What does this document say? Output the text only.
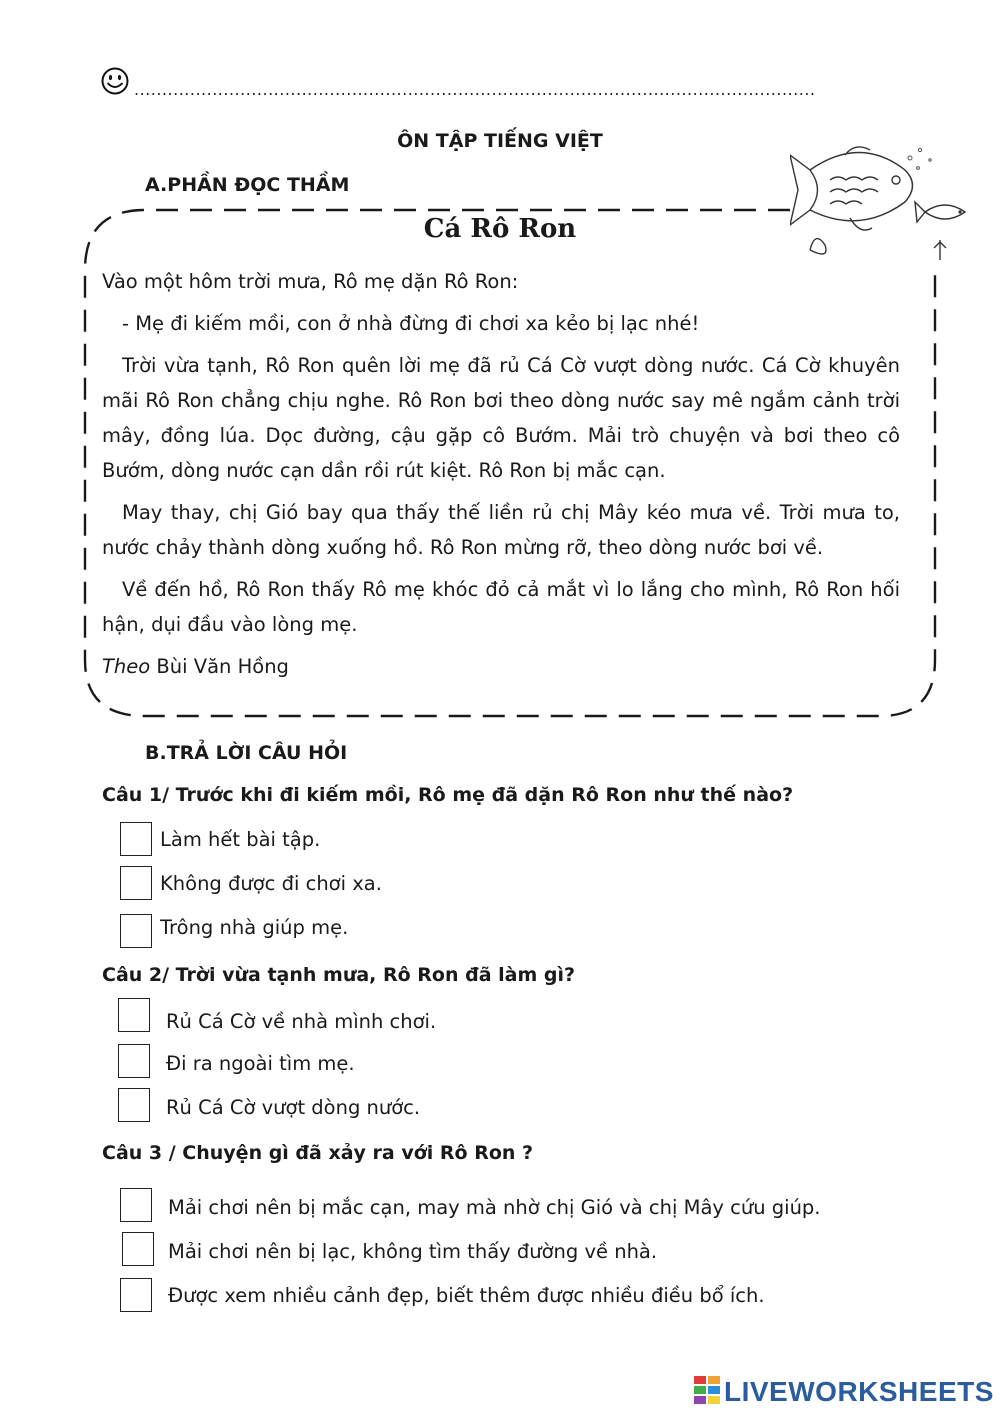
..........................................................................................................................
ÔN TẬP TIẾNG VIỆT
A.PHẦN ĐỌC THẦM
Cá Rô Ron

Vào một hôm trời mưa, Rô mẹ dặn Rô Ron:

- Mẹ đi kiếm mồi, con ở nhà đừng đi chơi xa kẻo bị lạc nhé!

Trời vừa tạnh, Rô Ron quên lời mẹ đã rủ Cá Cờ vượt dòng nước. Cá Cờ khuyên mãi Rô Ron chẳng chịu nghe. Rô Ron bơi theo dòng nước say mê ngắm cảnh trời mây, đồng lúa. Dọc đường, cậu gặp cô Bướm. Mải trò chuyện và bơi theo cô Bướm, dòng nước cạn dần rồi rút kiệt. Rô Ron bị mắc cạn.

May thay, chị Gió bay qua thấy thế liền rủ chị Mây kéo mưa về. Trời mưa to, nước chảy thành dòng xuống hồ. Rô Ron mừng rỡ, theo dòng nước bơi về.

Về đến hồ, Rô Ron thấy Rô mẹ khóc đỏ cả mắt vì lo lắng cho mình, Rô Ron hối hận, dụi đầu vào lòng mẹ.

Theo Bùi Văn Hồng

B.TRẢ LỜI CÂU HỎI
Câu 1/ Trước khi đi kiếm mồi, Rô mẹ đã dặn Rô Ron như thế nào?
Làm hết bài tập.
Không được đi chơi xa.
Trông nhà giúp mẹ.
Câu 2/ Trời vừa tạnh mưa, Rô Ron đã làm gì?
Rủ Cá Cờ về nhà mình chơi.
Đi ra ngoài tìm mẹ.
Rủ Cá Cờ vượt dòng nước.
Câu 3 / Chuyện gì đã xảy ra với Rô Ron ?
Mải chơi nên bị mắc cạn, may mà nhờ chị Gió và chị Mây cứu giúp.
Mải chơi nên bị lạc, không tìm thấy đường về nhà.
Được xem nhiều cảnh đẹp, biết thêm được nhiều điều bổ ích.
LIVEWORKSHEETS
